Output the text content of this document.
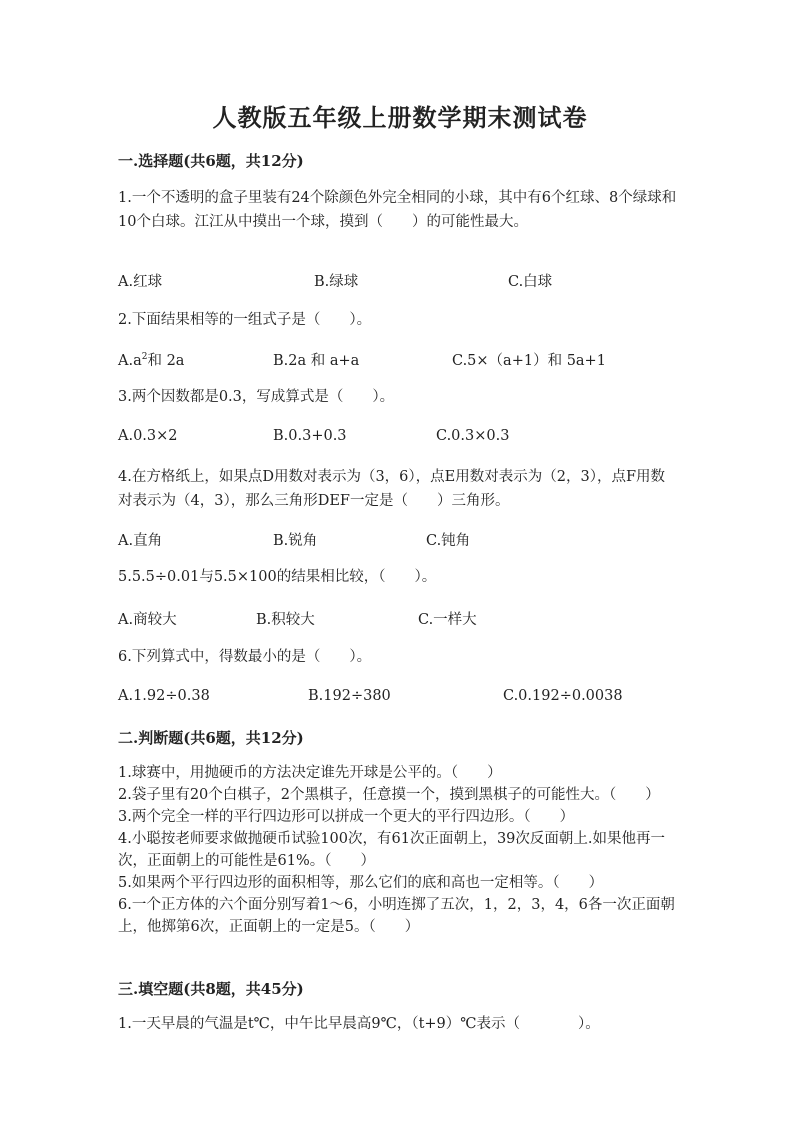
人教版五年级上册数学期末测试卷
一.选择题(共6题，共12分)
1.一个不透明的盒子里装有24个除颜色外完全相同的小球，其中有6个红球、8个绿球和10个白球。江江从中摸出一个球，摸到（　　）的可能性最大。
A.红球	B.绿球	C.白球
2.下面结果相等的一组式子是（　　）。
$A.a^2$和 2a	B.2a 和 a+a	C.5×（a+1）和 5a+1
3.两个因数都是0.3，写成算式是（　　）。
A.0.3×2	B.0.3+0.3	C.0.3×0.3
4.在方格纸上，如果点D用数对表示为（3，6），点E用数对表示为（2，3），点F用数对表示为（4，3），那么三角形DEF一定是（　　）三角形。
A.直角	B.锐角	C.钝角
5.5.5÷0.01与5.5×100的结果相比较，（　　）。
A.商较大	B.积较大	C.一样大
6.下列算式中，得数最小的是（　　）。
A.1.92÷0.38	B.192÷380	C.0.192÷0.0038
二.判断题(共6题，共12分)
1.球赛中，用抛硬币的方法决定谁先开球是公平的。（　　）
2.袋子里有20个白棋子，2个黑棋子，任意摸一个，摸到黑棋子的可能性大。（　　）
3.两个完全一样的平行四边形可以拼成一个更大的平行四边形。（　　）
4.小聪按老师要求做抛硬币试验100次，有61次正面朝上，39次反面朝上.如果他再一次，正面朝上的可能性是61%。（　　）
5.如果两个平行四边形的面积相等，那么它们的底和高也一定相等。（　　）
6.一个正方体的六个面分别写着1～6，小明连掷了五次，1，2，3，4，6各一次正面朝上，他掷第6次，正面朝上的一定是5。（　　）
三.填空题(共8题，共45分)
1.一天早晨的气温是t℃，中午比早晨高9℃，（t+9）℃表示（　　　　）。
